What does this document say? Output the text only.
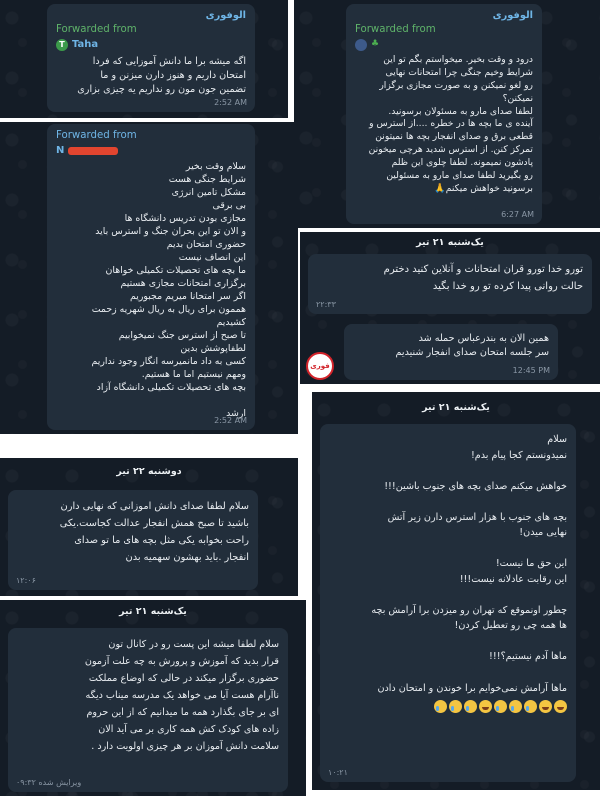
الوفوری
Forwarded from
T Taha
اگه میشه برا ما دانش آموزایی که فردا
امتحان داریم و هنوز دارن میزنن و ما
تضمین جون مون رو نداریم یه چیزی بزاری
2:52 AM
الوفوری
Forwarded from
♣
درود و وقت بخیر. میخواستم بگم تو این
شرایط وخیم جنگی چرا امتحانات نهایی
رو لغو نمیکنن و به صورت مجازی برگزار
نمیکنن؟
لطفا صدای مارو به مسئولان برسونید.
آینده ی ما بچه ها در خطره ....از استرس و
قطعی برق و صدای انفجار بچه ها نمیتونن
تمرکز کنن. از استرس شدید هرچی میخونن
پادشون نمیمونه. لطفا چلوی این ظلم
رو بگیرید لطفا صدای مارو به مسئولین
برسونید خواهش میکنم🙏
6:27 AM
Forwarded from
N
سلام وقت بخیر
شرایط جنگی هست
مشکل تامین انرژی
بی برقی
مجازی بودن تدریس دانشگاه ها
و الان تو این بحران جنگ و استرس باید
حضوری امتحان بدیم
این انصاف نیست
ما بچه های تحصیلات تکمیلی خواهان
برگزاری امتحانات مجازی هستیم
اگر سر امتحانا میریم مجبوریم
هممون برای ریال به ریال شهریه زحمت
کشیدیم
تا صبح از استرس جنگ نمیخوابیم
لطفاپوشش بدین
کسی به داد مانمیرسه انگار وجود نداریم
ومهم نیستیم اما ما هستیم.
بچه های تحصیلات تکمیلی دانشگاه آزاد

ارشد
2:52 AM
یک‌شنبه ۲۱ تیر
تورو خدا تورو قران امتحانات و آنلاین کنید دخترم
حالت روانی پیدا کرده تو رو خدا بگید
۲۲:۳۳
فوری
همین الان به بندرعباس حمله شد
سر جلسه امتحان صدای انفجار شنیدیم
12:45 PM
دوشنبه ۲۲ تیر
سلام لطفا صدای دانش اموزانی که نهایی دارن
باشید تا صبح همش انفجار عدالت کجاست.یکی
راحت بخوابه یکی مثل بچه های ما تو صدای
انفجار .باید بهشون سهمیه بدن
۱۲:۰۶
یک‌شنبه ۲۱ تیر
سلام
نمیدونستم کجا پیام بدم!

خواهش میکنم صدای بچه های جنوب باشین!!!

بچه های جنوب با هزار استرس دارن زیر آتش
نهایی میدن!

این حق ما نیست!
این رقابت عادلانه نیست!!!

چطور اونموقع که تهران رو میزدن برا آرامش بچه
ها همه چی رو تعطیل کردن!

ماها آدم نیستیم؟!!!

ماها آرامش نمی‌خوایم برا خوندن و امتحان دادن
۱۰:۲۱
یک‌شنبه ۲۱ تیر
سلام لطفا میشه این پست رو در کانال تون
قرار بدید که آموزش و پرورش به چه علت آزمون
حضوری برگزار میکند در حالی که اوضاع مملکت
ناآرام هست آیا می خواهد یک مدرسه میناب دیگه
ای بر جای بگذارد همه ما میدانیم که از این حروم
زاده های کودک کش همه کاری بر می آید الان
سلامت دانش آموزان بر هر چیزی اولویت دارد .
۰۹:۳۲ ویرایش شده
